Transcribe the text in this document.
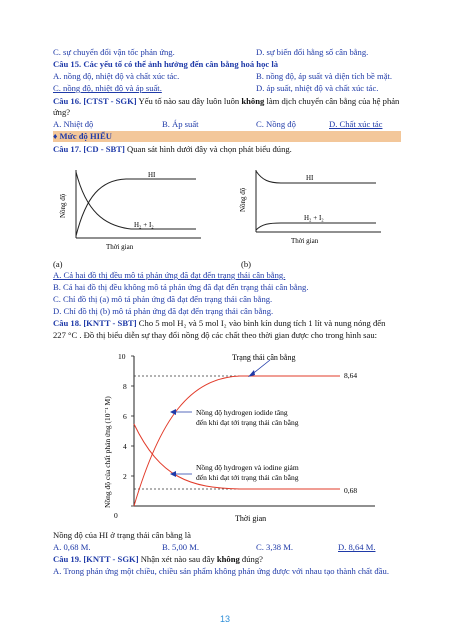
C. sự chuyển đổi vận tốc phản ứng.	D. sự biến đổi hằng số cân bằng.
Câu 15. Các yếu tố có thể ảnh hưởng đến cân bằng hoá học là
A. nồng độ, nhiệt độ và chất xúc tác.	B. nồng độ, áp suất và diện tích bề mặt.
C. nồng độ, nhiệt độ và áp suất.	D. áp suất, nhiệt độ và chất xúc tác.
Câu 16. [CTST - SGK] Yếu tố nào sau đây luôn luôn không làm dịch chuyển cân bằng của hệ phản
ứng?
A. Nhiệt độ	B. Áp suất	C. Nồng độ	D. Chất xúc tác
♦ Mức độ HIỂU
Câu 17. [CD - SBT] Quan sát hình dưới đây và chọn phát biểu đúng.
HI
H₂ + I₂
Thời gian
Nồng độ
HI
H₂ + I₂
Thời gian
Nồng độ
(a)	(b)
A. Cả hai đồ thị đều mô tả phản ứng đã đạt đến trạng thái cân bằng.
B. Cả hai đồ thị đều không mô tả phản ứng đã đạt đến trạng thái cân bằng.
C. Chỉ đồ thị (a) mô tả phản ứng đã đạt đến trạng thái cân bằng.
D. Chỉ đồ thị (b) mô tả phản ứng đã đạt đến trạng thái cân bằng.
Câu 18. [KNTT - SBT] Cho 5 mol H₂ và 5 mol I₂ vào bình kín dung tích 1 lít và nung nóng đến
227 °C . Đồ thị biểu diễn sự thay đổi nồng độ các chất theo thời gian được cho trong hình sau:
0
2
4
6
8
10	Trạng thái cân bằng
8,64
0,68
Nồng độ hydrogen iodide tăng
đến khi đạt tới trạng thái cân bằng
Nồng độ hydrogen và iodine giảm
đến khi đạt tới trạng thái cân bằng
Thời gian
Nồng độ của chất phản ứng (10⁻¹ M)
Nồng độ của HI ở trạng thái cân bằng là
A. 0,68 M.	B. 5,00 M.	C. 3,38 M.	D. 8,64 M.
Câu 19. [KNTT - SGK] Nhận xét nào sau đây không đúng?
A. Trong phản ứng một chiều, chiều sản phẩm không phản ứng được với nhau tạo thành chất đầu.
13
